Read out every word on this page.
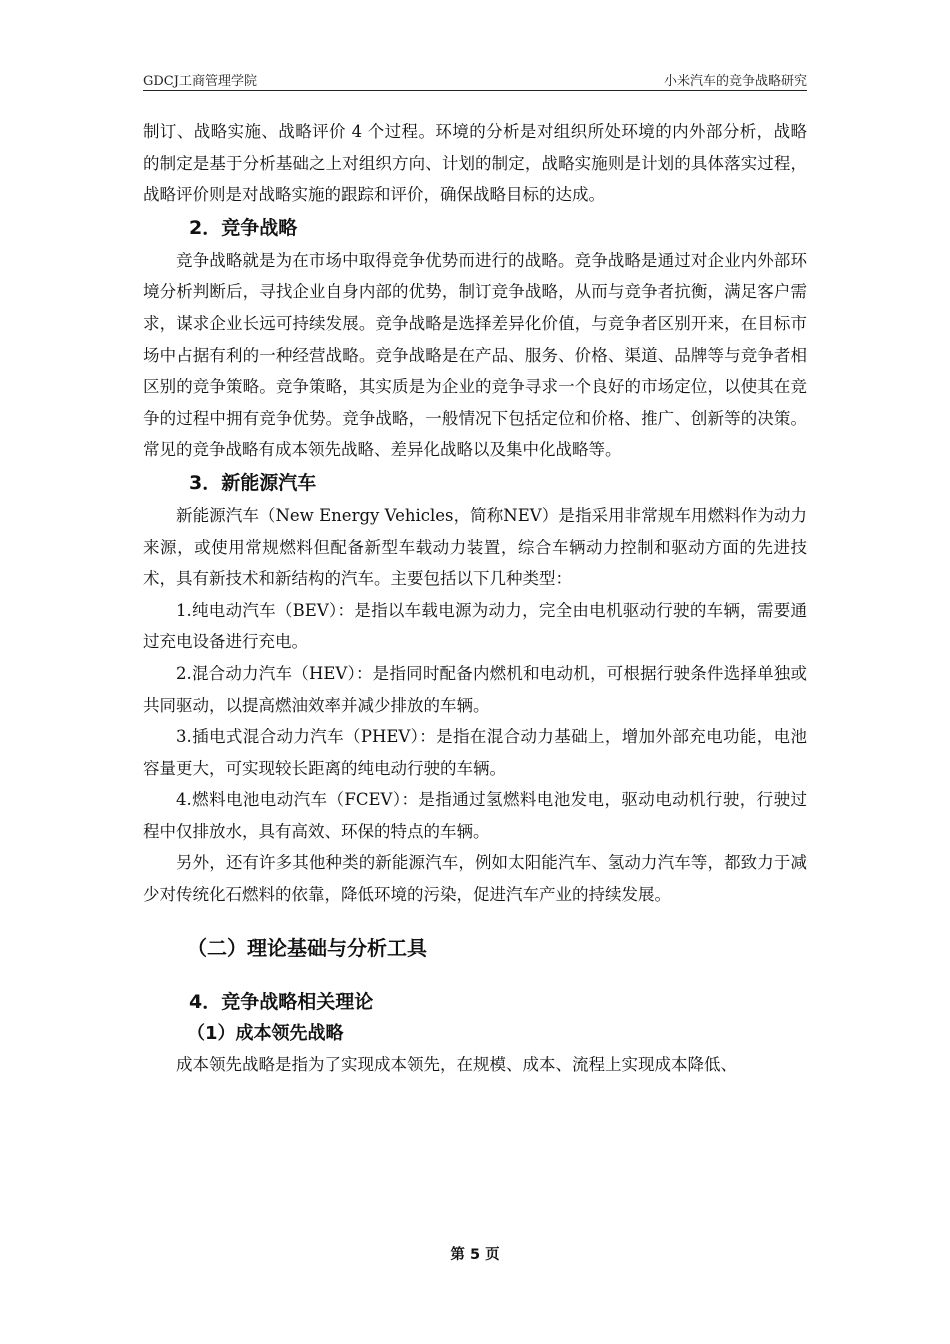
GDCJ工商管理学院	小米汽车的竞争战略研究

制订、战略实施、战略评价 4 个过程。环境的分析是对组织所处环境的内外部分析，战略的制定是基于分析基础之上对组织方向、计划的制定，战略实施则是计划的具体落实过程，战略评价则是对战略实施的跟踪和评价，确保战略目标的达成。

2．竞争战略

竞争战略就是为在市场中取得竞争优势而进行的战略。竞争战略是通过对企业内外部环境分析判断后，寻找企业自身内部的优势，制订竞争战略，从而与竞争者抗衡，满足客户需求，谋求企业长远可持续发展。竞争战略是选择差异化价值，与竞争者区别开来，在目标市场中占据有利的一种经营战略。竞争战略是在产品、服务、价格、渠道、品牌等与竞争者相区别的竞争策略。竞争策略，其实质是为企业的竞争寻求一个良好的市场定位，以使其在竞争的过程中拥有竞争优势。竞争战略，一般情况下包括定位和价格、推广、创新等的决策。常见的竞争战略有成本领先战略、差异化战略以及集中化战略等。

3．新能源汽车

新能源汽车（New Energy Vehicles，简称NEV）是指采用非常规车用燃料作为动力来源，或使用常规燃料但配备新型车载动力装置，综合车辆动力控制和驱动方面的先进技术，具有新技术和新结构的汽车。主要包括以下几种类型：

1.纯电动汽车（BEV）：是指以车载电源为动力，完全由电机驱动行驶的车辆，需要通过充电设备进行充电。

2.混合动力汽车（HEV）：是指同时配备内燃机和电动机，可根据行驶条件选择单独或共同驱动，以提高燃油效率并减少排放的车辆。

3.插电式混合动力汽车（PHEV）：是指在混合动力基础上，增加外部充电功能，电池容量更大，可实现较长距离的纯电动行驶的车辆。

4.燃料电池电动汽车（FCEV）：是指通过氢燃料电池发电，驱动电动机行驶，行驶过程中仅排放水，具有高效、环保的特点的车辆。

另外，还有许多其他种类的新能源汽车，例如太阳能汽车、氢动力汽车等，都致力于减少对传统化石燃料的依靠，降低环境的污染，促进汽车产业的持续发展。

（二）理论基础与分析工具
4．竞争战略相关理论
（1）成本领先战略

成本领先战略是指为了实现成本领先，在规模、成本、流程上实现成本降低、

第 5 页
